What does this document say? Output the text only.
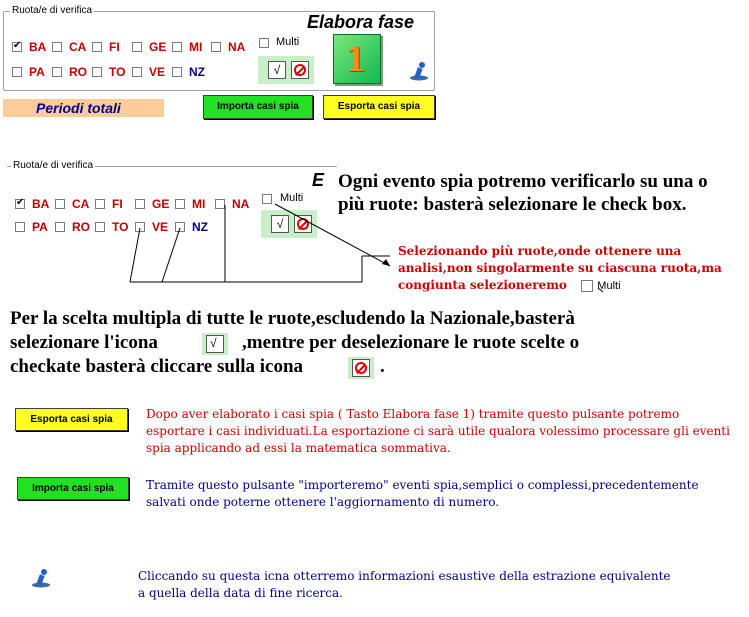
Ruota/e di verifica
Elabora fase
✔
BA CA FI GE MI NA
PA RO TO VE NZ
Multi
√ 1
Periodi totali	Importa casi spia	Esporta casi spia
Ruota/e di verifica
E
✔
BA CA FI GE MI NA
PA RO TO VE NZ
Multi
√
Ogni evento spia potremo verificarlo su una o più ruote: basterà selezionare le check box.
Selezionando più ruote,onde ottenere una analisi,non singolarmente su ciascuna ruota,ma congiunta selezioneremo	Multi
Per la scelta multipla di tutte le ruote,escludendo la Nazionale,basterà
selezionare l'icona	√ ,mentre per deselezionare le ruote scelte o
checkate basterà cliccare sulla icona	.
Esporta casi spia	Dopo aver elaborato i casi spia ( Tasto Elabora fase 1) tramite questo pulsante potremo esportare i casi individuati.La esportazione ci sarà utile qualora volessimo processare gli eventi spia applicando ad essi la matematica sommativa.
Importa casi spia	Tramite questo pulsante "importeremo" eventi spia,semplici o complessi,precedentemente salvati onde poterne ottenere l'aggiornamento di numero.
Cliccando su questa icna otterremo informazioni esaustive della estrazione equivalente a quella della data di fine ricerca.
